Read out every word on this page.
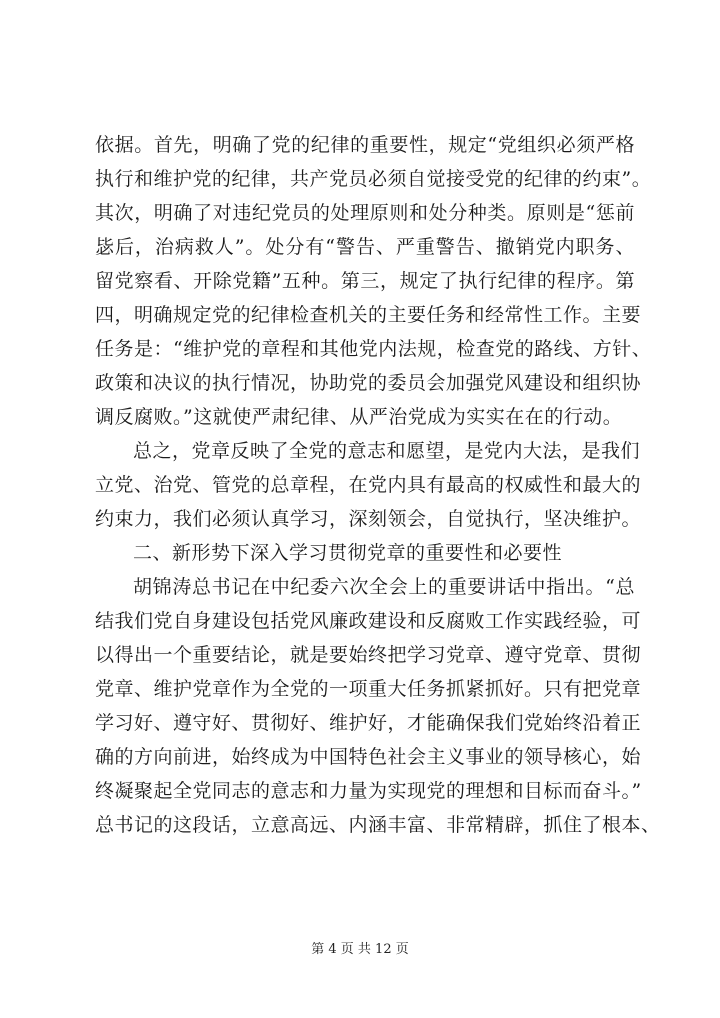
依据。首先，明确了党的纪律的重要性，规定“党组织必须严格
执行和维护党的纪律，共产党员必须自觉接受党的纪律的约束”。
其次，明确了对违纪党员的处理原则和处分种类。原则是“惩前
毖后，治病救人”。处分有“警告、严重警告、撤销党内职务、
留党察看、开除党籍”五种。第三，规定了执行纪律的程序。第
四，明确规定党的纪律检查机关的主要任务和经常性工作。主要
任务是：“维护党的章程和其他党内法规，检查党的路线、方针、
政策和决议的执行情况，协助党的委员会加强党风建设和组织协
调反腐败。”这就使严肃纪律、从严治党成为实实在在的行动。
总之，党章反映了全党的意志和愿望，是党内大法，是我们
立党、治党、管党的总章程，在党内具有最高的权威性和最大的
约束力，我们必须认真学习，深刻领会，自觉执行，坚决维护。
二、新形势下深入学习贯彻党章的重要性和必要性
胡锦涛总书记在中纪委六次全会上的重要讲话中指出。“总
结我们党自身建设包括党风廉政建设和反腐败工作实践经验，可
以得出一个重要结论，就是要始终把学习党章、遵守党章、贯彻
党章、维护党章作为全党的一项重大任务抓紧抓好。只有把党章
学习好、遵守好、贯彻好、维护好，才能确保我们党始终沿着正
确的方向前进，始终成为中国特色社会主义事业的领导核心，始
终凝聚起全党同志的意志和力量为实现党的理想和目标而奋斗。”
总书记的这段话，立意高远、内涵丰富、非常精辟，抓住了根本、
第 4 页 共 12 页
